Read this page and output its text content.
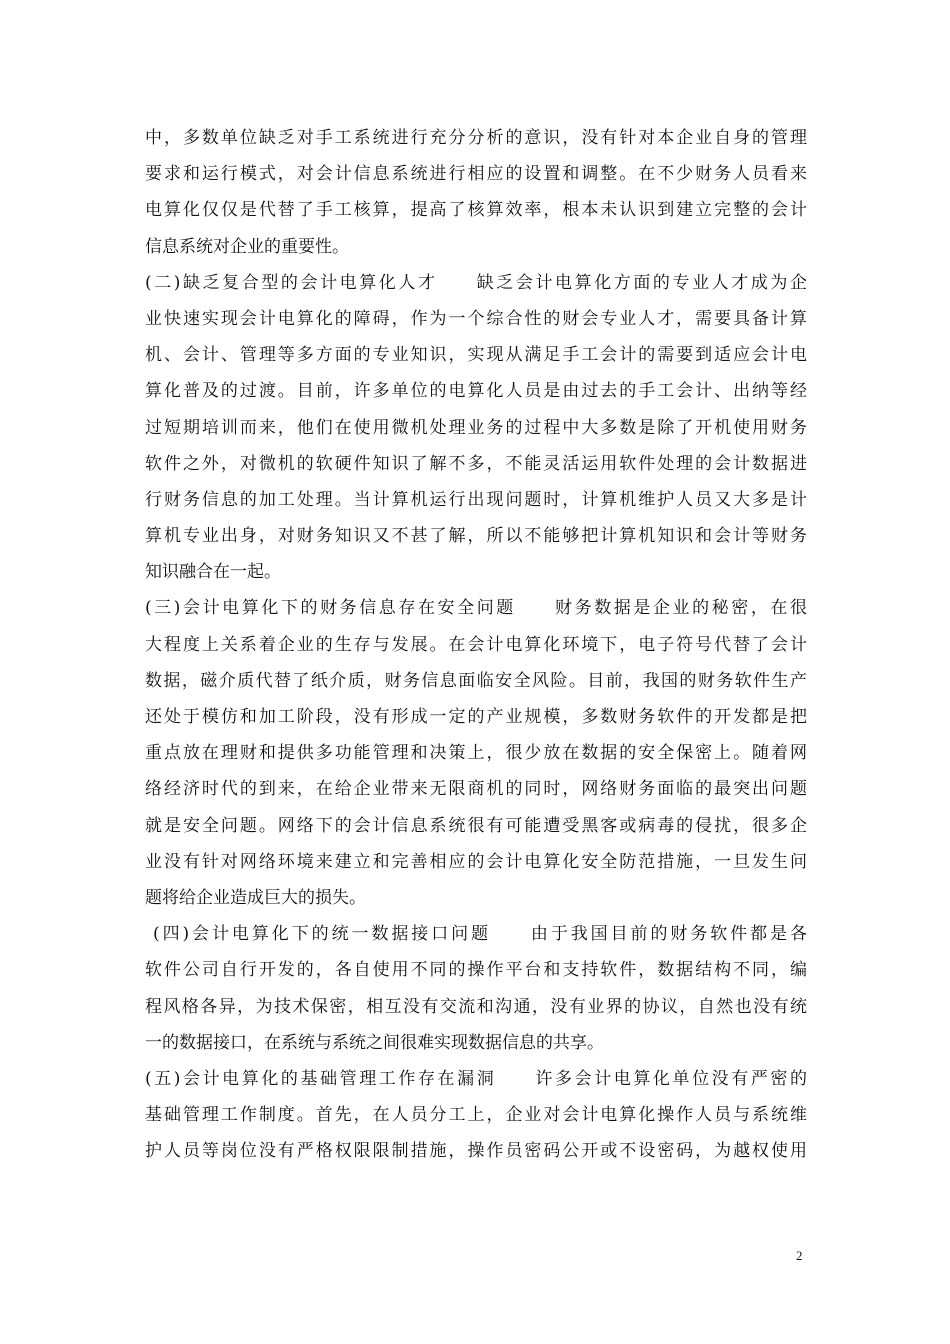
中，多数单位缺乏对手工系统进行充分分析的意识，没有针对本企业自身的管理
要求和运行模式，对会计信息系统进行相应的设置和调整。在不少财务人员看来
电算化仅仅是代替了手工核算，提高了核算效率，根本未认识到建立完整的会计
信息系统对企业的重要性。
(二)缺乏复合型的会计电算化人才　　缺乏会计电算化方面的专业人才成为企
业快速实现会计电算化的障碍，作为一个综合性的财会专业人才，需要具备计算
机、会计、管理等多方面的专业知识，实现从满足手工会计的需要到适应会计电
算化普及的过渡。目前，许多单位的电算化人员是由过去的手工会计、出纳等经
过短期培训而来，他们在使用微机处理业务的过程中大多数是除了开机使用财务
软件之外，对微机的软硬件知识了解不多，不能灵活运用软件处理的会计数据进
行财务信息的加工处理。当计算机运行出现问题时，计算机维护人员又大多是计
算机专业出身，对财务知识又不甚了解，所以不能够把计算机知识和会计等财务
知识融合在一起。
(三)会计电算化下的财务信息存在安全问题　　财务数据是企业的秘密，在很
大程度上关系着企业的生存与发展。在会计电算化环境下，电子符号代替了会计
数据，磁介质代替了纸介质，财务信息面临安全风险。目前，我国的财务软件生产
还处于模仿和加工阶段，没有形成一定的产业规模，多数财务软件的开发都是把
重点放在理财和提供多功能管理和决策上，很少放在数据的安全保密上。随着网
络经济时代的到来，在给企业带来无限商机的同时，网络财务面临的最突出问题
就是安全问题。网络下的会计信息系统很有可能遭受黑客或病毒的侵扰，很多企
业没有针对网络环境来建立和完善相应的会计电算化安全防范措施，一旦发生问
题将给企业造成巨大的损失。
(四)会计电算化下的统一数据接口问题　　由于我国目前的财务软件都是各
软件公司自行开发的，各自使用不同的操作平台和支持软件，数据结构不同，编
程风格各异，为技术保密，相互没有交流和沟通，没有业界的协议，自然也没有统
一的数据接口，在系统与系统之间很难实现数据信息的共享。
(五)会计电算化的基础管理工作存在漏洞　　许多会计电算化单位没有严密的
基础管理工作制度。首先，在人员分工上，企业对会计电算化操作人员与系统维
护人员等岗位没有严格权限限制措施，操作员密码公开或不设密码，为越权使用
2
